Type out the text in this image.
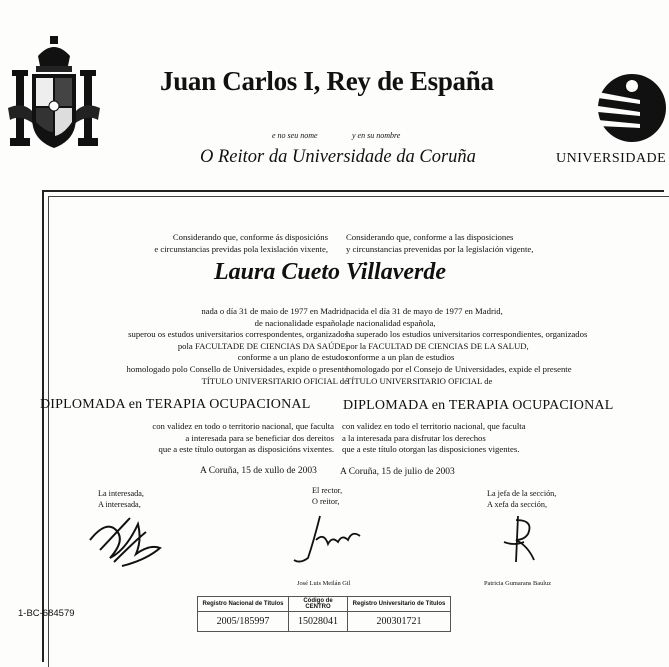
Juan Carlos I, Rey de España
e no seu nome	y en su nombre
O Reitor da Universidade da Coruña	UNIVERSIDADE
Considerando que, conforme ás disposicións
e circunstancias previdas pola lexislación vixente,
Considerando que, conforme a las disposiciones
y circunstancias prevenidas por la legislación vigente,
Laura Cueto Villaverde
nada o día 31 de maio de 1977 en Madrid,
de nacionalidade española,
superou os estudos universitarios correspondentes, organizados
pola FACULTADE DE CIENCIAS DA SAÚDE,
conforme a un plano de estudos
homologado polo Consello de Universidades, expide o presente
TÍTULO UNIVERSITARIO OFICIAL de
nacida el día 31 de mayo de 1977 en Madrid,
de nacionalidad española,
ha superado los estudios universitarios correspondientes, organizados
por la FACULTAD DE CIENCIAS DE LA SALUD,
conforme a un plan de estudios
homologado por el Consejo de Universidades, expide el presente
TÍTULO UNIVERSITARIO OFICIAL de
DIPLOMADA en TERAPIA OCUPACIONAL DIPLOMADA en TERAPIA OCUPACIONAL
con validez en todo o territorio nacional, que faculta
a interesada para se beneficiar dos dereitos
que a este título outorgan as disposicións vixentes.
con validez en todo el territorio nacional, que faculta
a la interesada para disfrutar los derechos
que a este título otorgan las disposiciones vigentes.
A Coruña, 15 de xullo de 2003 A Coruña, 15 de julio de 2003
La interesada,
A interesada,
El rector,
O reitor,
José Luis Meilán Gil
La jefa de la sección,
A xefa da sección,
Patricia Gumarans Bauluz
1-BC-684579
Registro Nacional de Títulos	Código de CENTRO	Registro Universitario de Títulos
2005/185997	15028041	200301721
